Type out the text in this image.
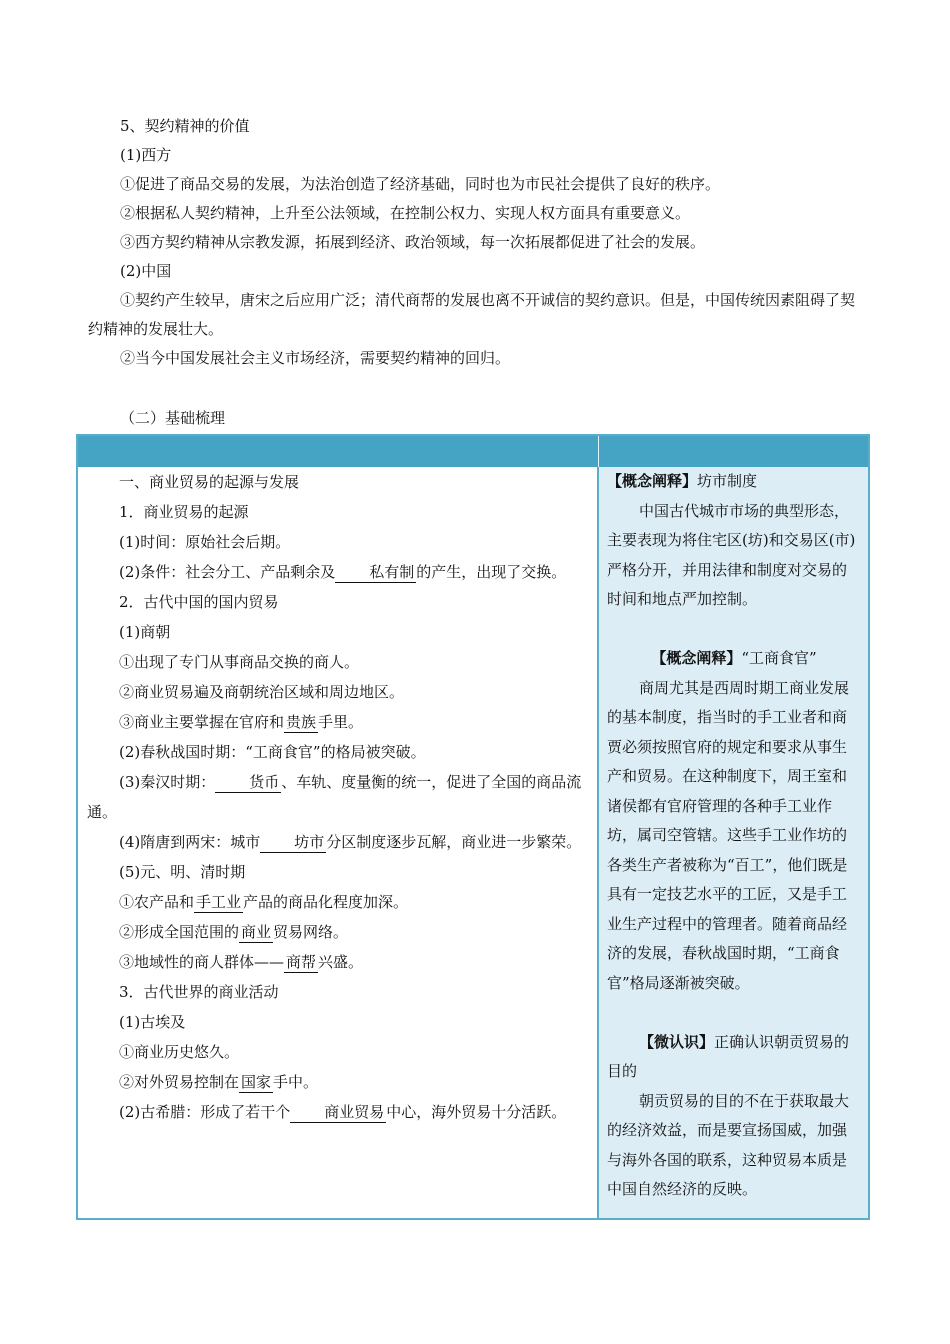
5、契约精神的价值

(1)西方

①促进了商品交易的发展，为法治创造了经济基础，同时也为市民社会提供了良好的秩序。

②根据私人契约精神，上升至公法领域，在控制公权力、实现人权方面具有重要意义。

③西方契约精神从宗教发源，拓展到经济、政治领域，每一次拓展都促进了社会的发展。

(2)中国

①契约产生较早，唐宋之后应用广泛；清代商帮的发展也离不开诚信的契约意识。但是，中国传统因素阻碍了契约精神的发展壮大。

②当今中国发展社会主义市场经济，需要契约精神的回归。

（二）基础梳理

一、商业贸易的起源与发展

1．商业贸易的起源

(1)时间：原始社会后期。

(2)条件：社会分工、产品剩余及 私有制 的产生，出现了交换。

2．古代中国的国内贸易

(1)商朝

①出现了专门从事商品交换的商人。

②商业贸易遍及商朝统治区域和周边地区。

③商业主要掌握在官府和 贵族 手里。

(2)春秋战国时期：“工商食官”的格局被突破。

(3)秦汉时期： 货币 、车轨、度量衡的统一，促进了全国的商品流通。

(4)隋唐到两宋：城市 坊市 分区制度逐步瓦解，商业进一步繁荣。

(5)元、明、清时期

①农产品和 手工业 产品的商品化程度加深。

②形成全国范围的 商业 贸易网络。

③地域性的商人群体—— 商帮 兴盛。

3．古代世界的商业活动

(1)古埃及

①商业历史悠久。

②对外贸易控制在 国家 手中。

(2)古希腊：形成了若干个 商业贸易 中心，海外贸易十分活跃。

【概念阐释】坊市制度

中国古代城市市场的典型形态，主要表现为将住宅区(坊)和交易区(市)严格分开，并用法律和制度对交易的时间和地点严加控制。

【概念阐释】“工商食官”

商周尤其是西周时期工商业发展的基本制度，指当时的手工业者和商贾必须按照官府的规定和要求从事生产和贸易。在这种制度下，周王室和诸侯都有官府管理的各种手工业作坊，属司空管辖。这些手工业作坊的各类生产者被称为“百工”，他们既是具有一定技艺水平的工匠，又是手工业生产过程中的管理者。随着商品经济的发展，春秋战国时期，“工商食官”格局逐渐被突破。

【微认识】正确认识朝贡贸易的目的

朝贡贸易的目的不在于获取最大的经济效益，而是要宣扬国威，加强与海外各国的联系，这种贸易本质是中国自然经济的反映。
